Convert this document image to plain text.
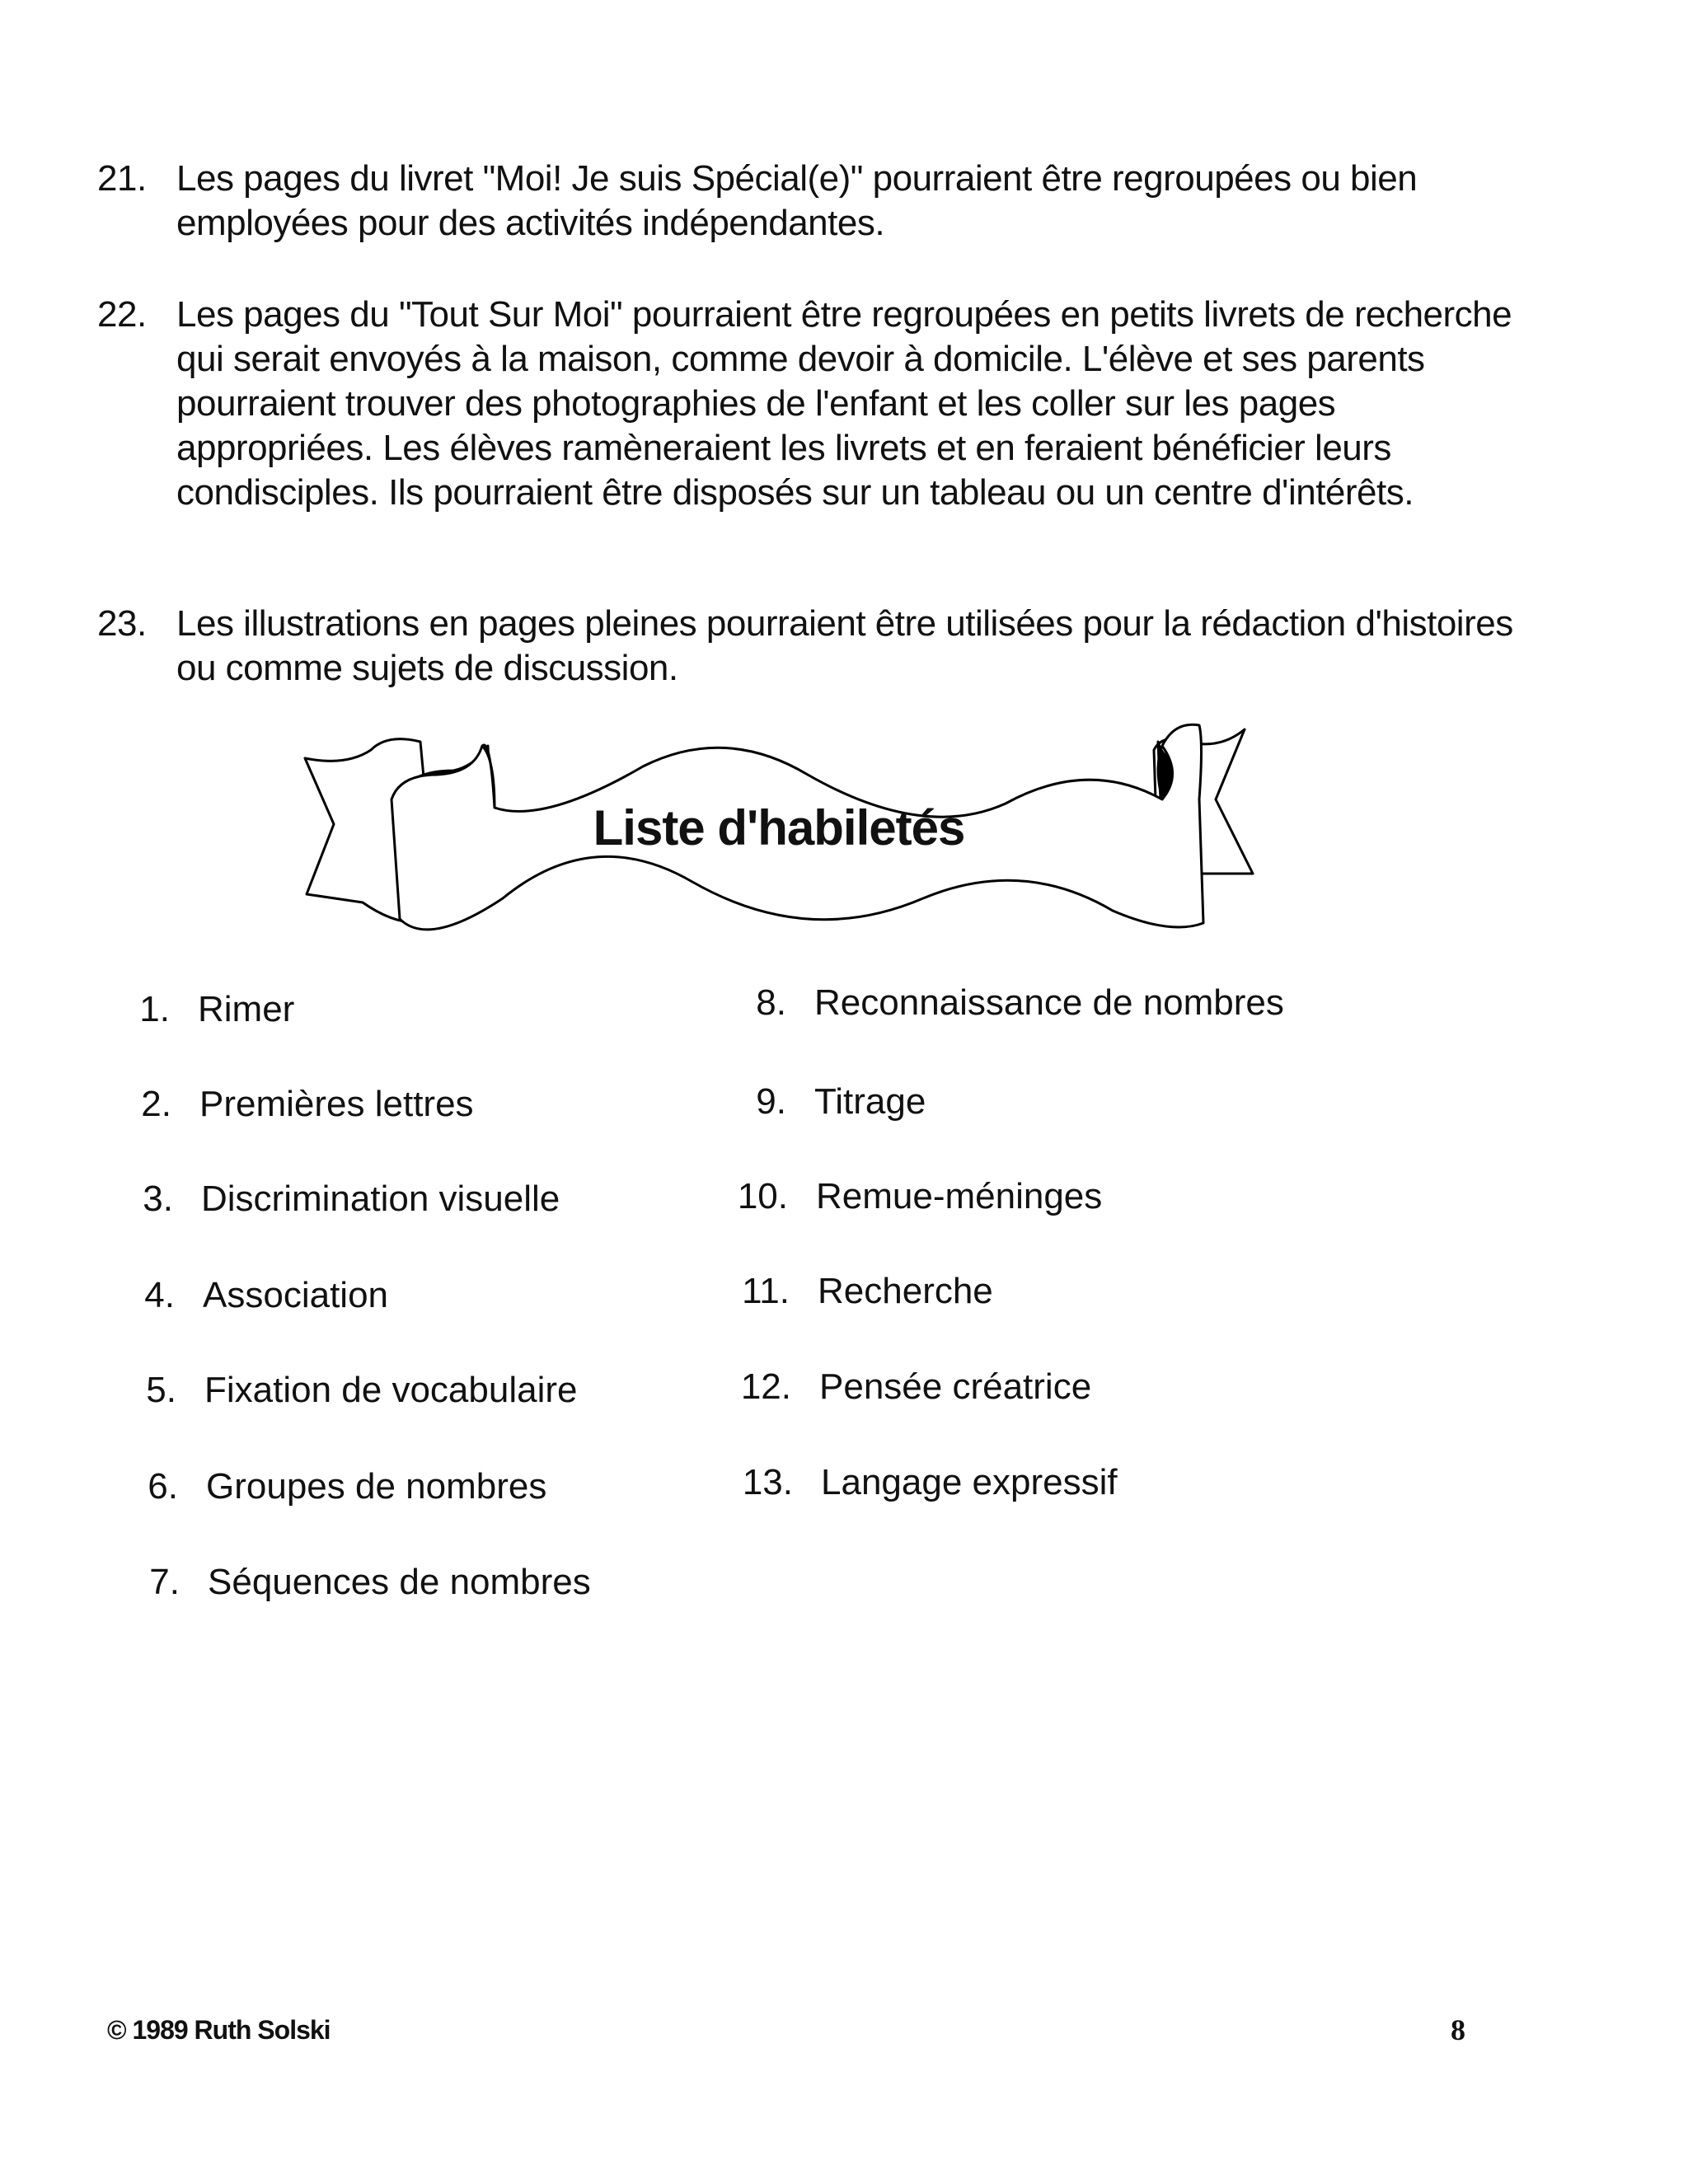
21. Les pages du livret "Moi! Je suis Spécial(e)" pourraient être regroupées ou bien employées pour des activités indépendantes.
22. Les pages du "Tout Sur Moi" pourraient être regroupées en petits livrets de recherche qui serait envoyés à la maison, comme devoir à domicile. L'élève et ses parents pourraient trouver des photographies de l'enfant et les coller sur les pages appropriées. Les élèves ramèneraient les livrets et en feraient bénéficier leurs condisciples. Ils pourraient être disposés sur un tableau ou un centre d'intérêts.
23. Les illustrations en pages pleines pourraient être utilisées pour la rédaction d'histoires ou comme sujets de discussion.
Liste d'habiletés
1. Rimer
2. Premières lettres
3. Discrimination visuelle
4. Association
5. Fixation de vocabulaire
6. Groupes de nombres
7. Séquences de nombres
8. Reconnaissance de nombres
9. Titrage
10. Remue-méninges
11. Recherche
12. Pensée créatrice
13. Langage expressif
© 1989 Ruth Solski	8
